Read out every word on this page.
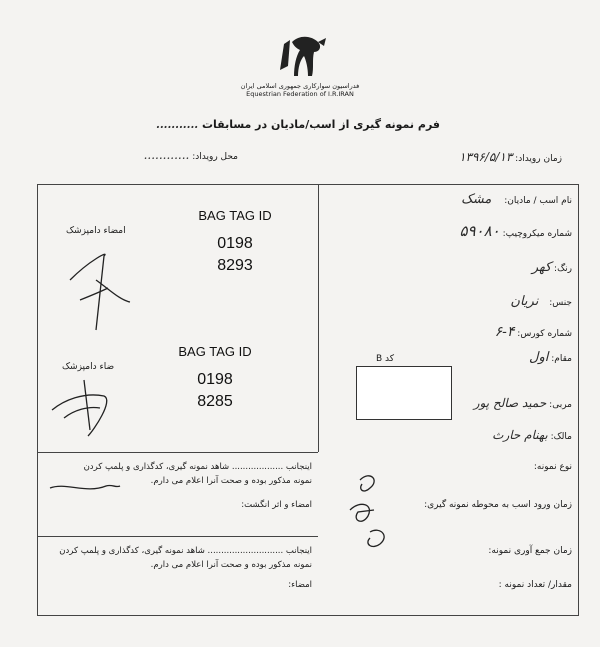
فدراسیون سوارکاری جمهوری اسلامی ایران
Equestrian Federation of I.R.IRAN
فرم نمونه گیری از اسب/مادیان در مسابقات ...........
زمان رویداد: ۱۳۹۶/۵/۱۳
محل رویداد: ............
نام اسب / مادیان: مشک
شماره میکروچیپ: ۵۹۰۸۰
رنگ: کهر
جنس: نریان
شماره کورس: ۴-۶
مقام: اول
مربی: حمید صالح پور
مالک: بهنام حارث
کد B
نوع نمونه:
زمان ورود اسب به محوطه نمونه گیری:
زمان جمع آوری نمونه:
مقدار/ تعداد نمونه :
BAG TAG ID
0198
8293
امضاء دامپزشک
BAG TAG ID
0198
8285
ضاء دامپزشک
اینجانب ................... شاهد نمونه گیری، کدگذاری و پلمپ کردن
نمونه مذکور بوده و صحت آنرا اعلام می دارم.
امضاء و اثر انگشت:
اینجانب ............................ شاهد نمونه گیری، کدگذاری و پلمپ کردن
نمونه مذکور بوده و صحت آنرا اعلام می دارم.
امضاء:
